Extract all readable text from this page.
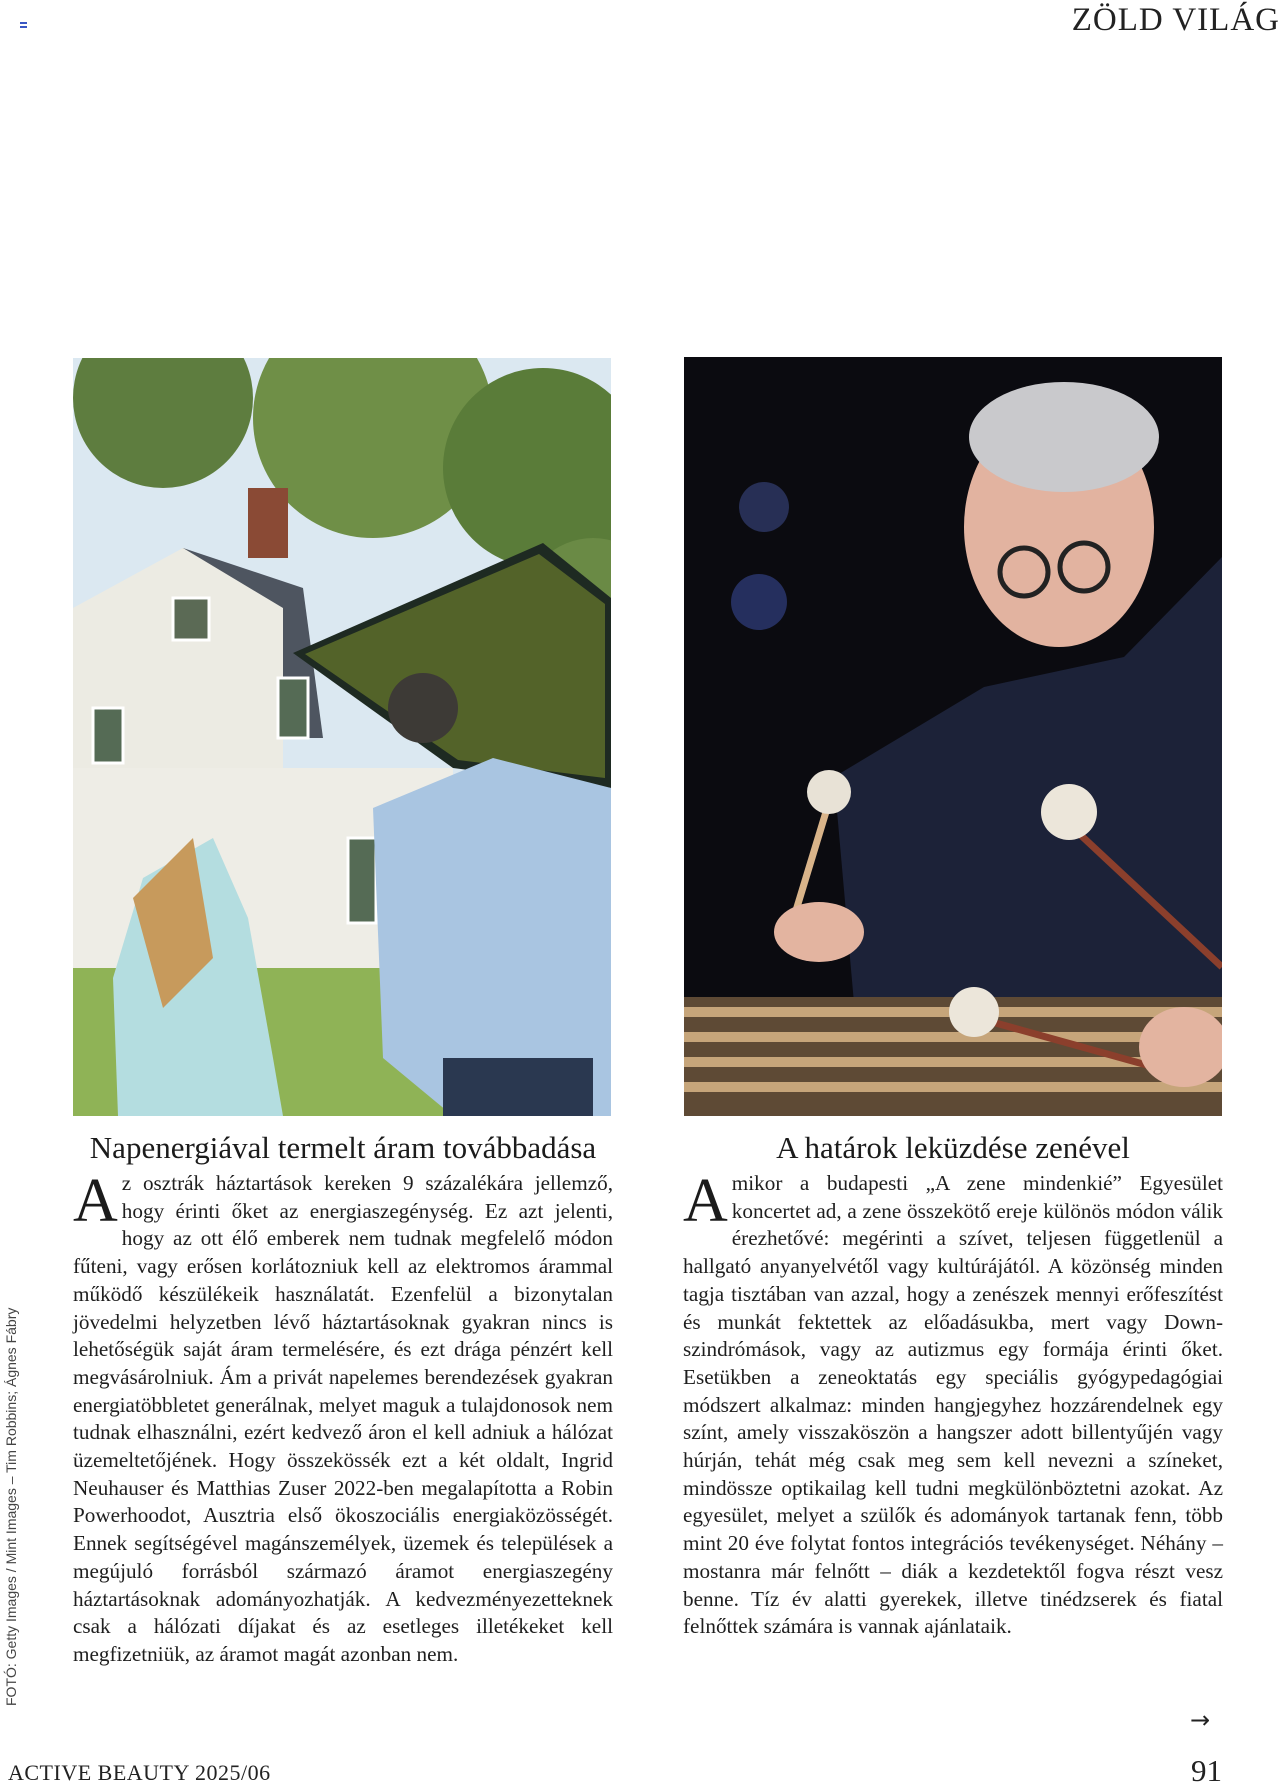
ZÖLD VILÁG
FOTÓ: Getty Images / Mint Images – Tim Robbins; Ágnes Fábry
Napenergiával termelt áram továbbadása

Az osztrák háztartások kereken 9 százalékára jellemző, hogy érinti őket az energiaszegénység. Ez azt jelenti, hogy az ott élő emberek nem tudnak megfelelő módon fűteni, vagy erősen korlátozniuk kell az elektromos árammal működő készülékeik használatát. Ezenfelül a bizonytalan jövedelmi helyzetben lévő háztartásoknak gyakran nincs is lehetőségük saját áram termelésére, és ezt drága pénzért kell megvásárolniuk. Ám a privát napelemes berendezések gyakran energiatöbbletet generálnak, melyet maguk a tulajdonosok nem tudnak elhasználni, ezért kedvező áron el kell adniuk a hálózat üzemeltetőjének. Hogy összekössék ezt a két oldalt, Ingrid Neuhauser és Matthias Zuser 2022-ben megalapította a Robin Powerhoodot, Ausztria első ökoszociális energiaközösségét. Ennek segítségével magánszemélyek, üzemek és települések a megújuló forrásból származó áramot energiaszegény háztartásoknak adományozhatják. A kedvezményezetteknek csak a hálózati díjakat és az esetleges illetékeket kell megfizetniük, az áramot magát azonban nem.

A határok leküzdése zenével

Amikor a budapesti „A zene mindenkié” Egyesület koncertet ad, a zene összekötő ereje különös módon válik érezhetővé: megérinti a szívet, teljesen függetlenül a hallgató anyanyelvétől vagy kultúrájától. A közönség minden tagja tisztában van azzal, hogy a zenészek mennyi erőfeszítést és munkát fektettek az előadásukba, mert vagy Down-szindrómások, vagy az autizmus egy formája érinti őket. Esetükben a zeneoktatás egy speciális gyógypedagógiai módszert alkalmaz: minden hangjegyhez hozzárendelnek egy színt, amely visszaköszön a hangszer adott billentyűjén vagy húrján, tehát még csak meg sem kell nevezni a színeket, mindössze optikailag kell tudni megkülönböztetni azokat. Az egyesület, melyet a szülők és adományok tartanak fenn, több mint 20 éve folytat fontos integrációs tevékenységet. Néhány – mostanra már felnőtt – diák a kezdetektől fogva részt vesz benne. Tíz év alatti gyerekek, illetve tinédzserek és fiatal felnőttek számára is vannak ajánlataik.

→
ACTIVE BEAUTY 2025/06	91
